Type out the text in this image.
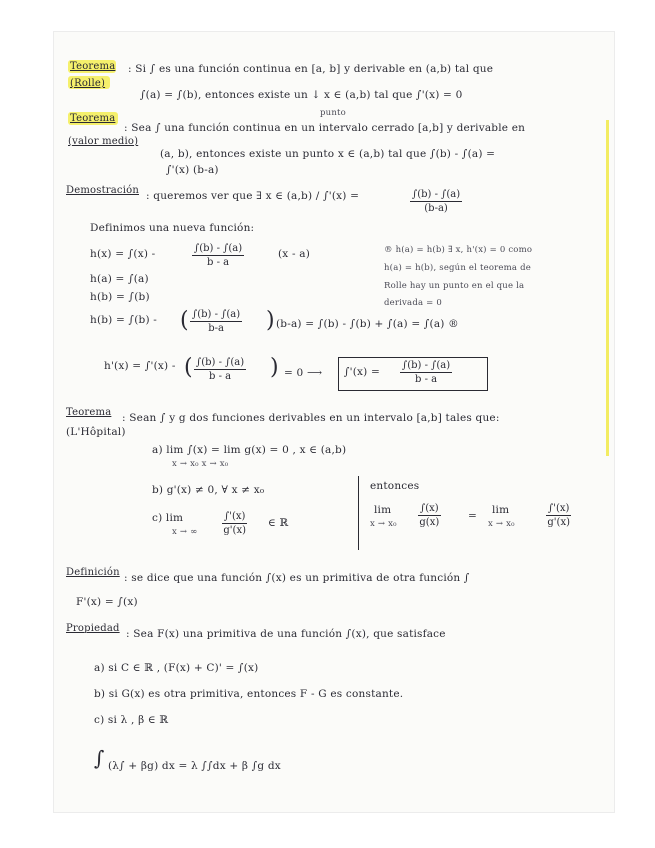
Teorema
(Rolle)
: Si ∫ es una función continua en [a, b] y derivable en (a,b) tal que
∫(a) = ∫(b), entonces existe un ↓ x ∈ (a,b) tal que ∫'(x) = 0
punto
Teorema
(valor medio)
: Sea ∫ una función continua en un intervalo cerrado [a,b] y derivable en
(a, b), entonces existe un punto x ∈ (a,b) tal que ∫(b) - ∫(a) =
∫'(x) (b-a)
Demostración : queremos ver que ∃ x ∈ (a,b) / ∫'(x) =	$\frac{\int(b) - \int(a)}{(b-a)}$
Definimos una nueva función:
h(x) = ∫(x) -	$\frac{\int(b) - \int(a)}{b - a}$	(x - a)	® h(a) = h(b) ∃ x, h'(x) = 0 como
h(a) = h(b), según el teorema de
Rolle hay un punto en el que la
derivada = 0
h(a) = ∫(a)
h(b) = ∫(b)
h(b) = ∫(b) - ( $\frac{\int(b) - \int(a)}{b-a}$ ) (b-a) = ∫(b) - ∫(b) + ∫(a) = ∫(a) ®
h'(x) = ∫'(x) - ( $\frac{\int(b) - \int(a)}{b - a}$ ) = 0 ⟶ $\int'(x) = \frac{\int(b) - \int(a)}{b - a}$
Teorema
(L'Hôpital)
: Sean ∫ y g dos funciones derivables en un intervalo [a,b] tales que:
a) lim ∫(x) = lim g(x) = 0 , x ∈ (a,b)
x → x₀ x → x₀
b) g'(x) ≠ 0, ∀ x ≠ x₀
c) lim
x → ∞ $\frac{\int'(x)}{g'(x)}$ ∈ ℝ
entonces
lim
$x \to x_0 \frac{\int(x)}{g(x)}$	= lim
x → x₀	$\frac{\int'(x)}{g'(x)}$
Definición : se dice que una función ∫(x) es un primitiva de otra función ∫
F'(x) = ∫(x)
Propiedad : Sea F(x) una primitiva de una función ∫(x), que satisface
a) si C ∈ ℝ , (F(x) + C)' = ∫(x)
b) si G(x) es otra primitiva, entonces F - G es constante.
c) si λ , β ∈ ℝ
∫ (λ∫ + βg) dx = λ ∫∫dx + β ∫g dx
